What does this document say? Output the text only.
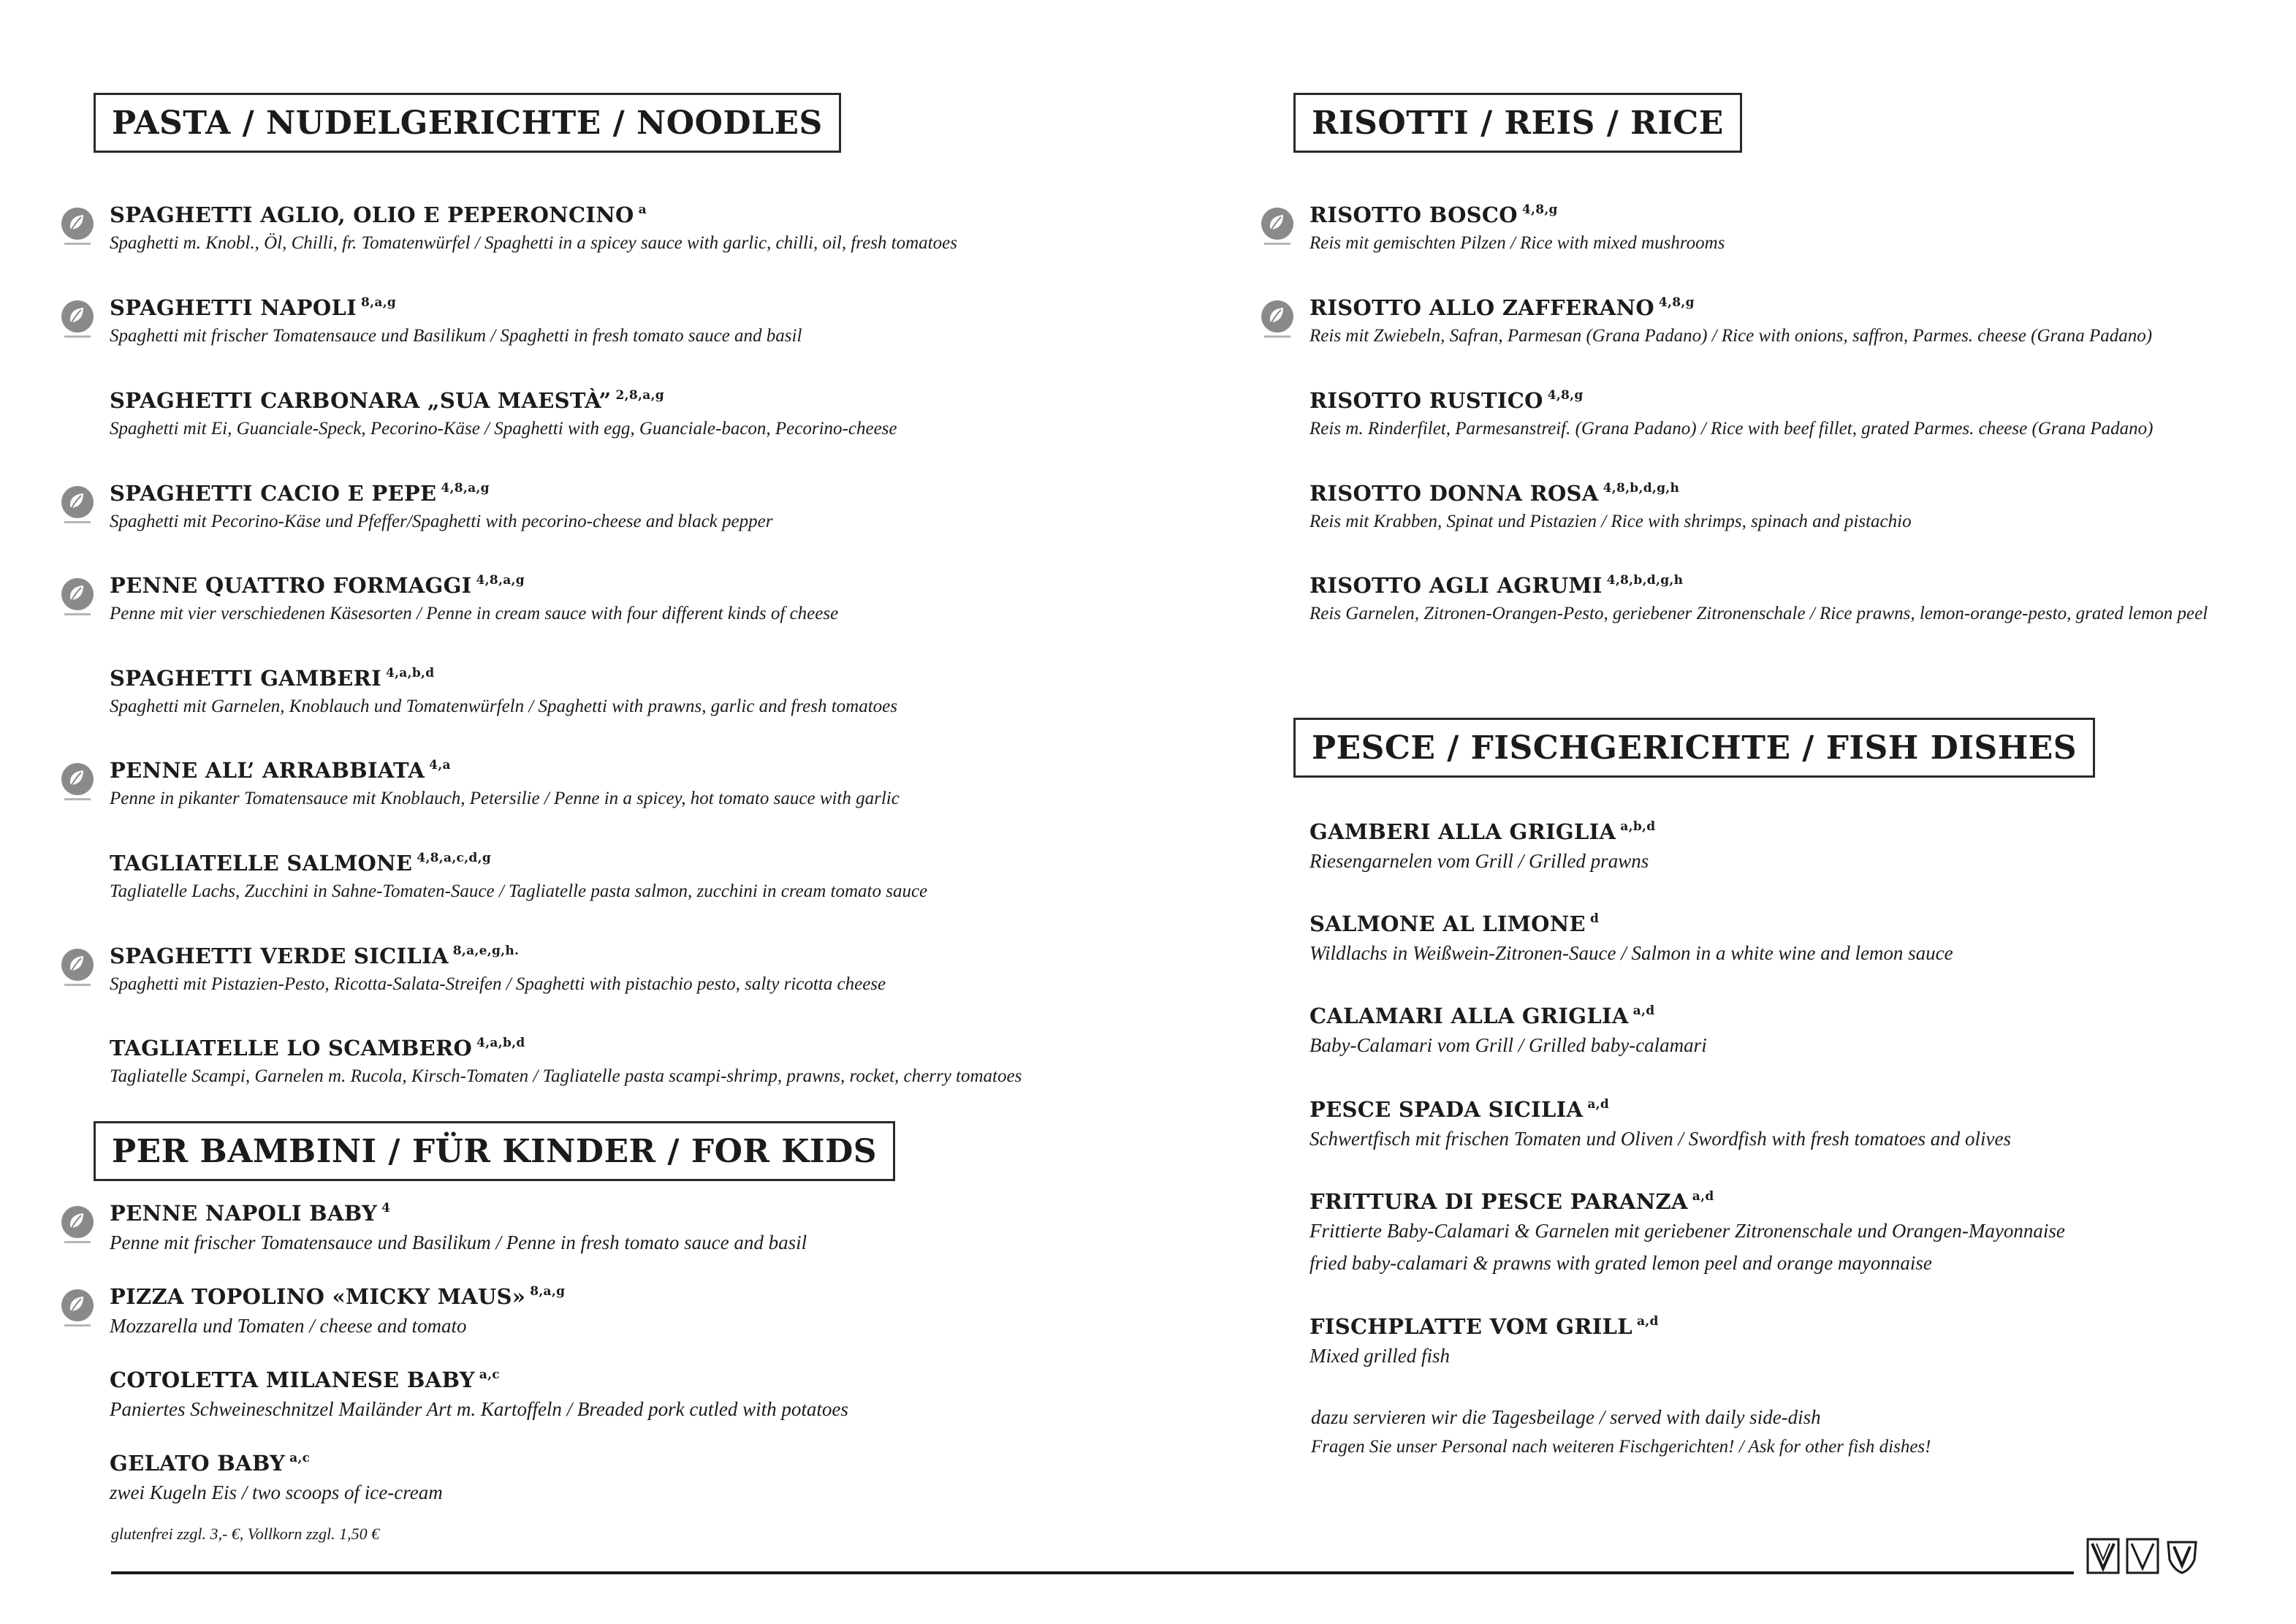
PASTA / NUDELGERICHTE / NOODLES
SPAGHETTI AGLIO, OLIO E PEPERONCINO $^a$
Spaghetti m. Knobl., Öl, Chilli, fr. Tomatenwürfel / Spaghetti in a spicey sauce with garlic, chilli, oil, fresh tomatoes
SPAGHETTI NAPOLI $^{8,a,g}$
Spaghetti mit frischer Tomatensauce und Basilikum / Spaghetti in fresh tomato sauce and basil
SPAGHETTI CARBONARA „SUA MAESTÀ” $^{2,8,a,g}$
Spaghetti mit Ei, Guanciale-Speck, Pecorino-Käse / Spaghetti with egg, Guanciale-bacon, Pecorino-cheese
SPAGHETTI CACIO E PEPE $^{4,8,a,g}$
Spaghetti mit Pecorino-Käse und Pfeffer/Spaghetti with pecorino-cheese and black pepper
PENNE QUATTRO FORMAGGI $^{4,8,a,g}$
Penne mit vier verschiedenen Käsesorten / Penne in cream sauce with four different kinds of cheese
SPAGHETTI GAMBERI $^{4,a,b,d}$
Spaghetti mit Garnelen, Knoblauch und Tomatenwürfeln / Spaghetti with prawns, garlic and fresh tomatoes
PENNE ALL’ ARRABBIATA $^{4,a}$
Penne in pikanter Tomatensauce mit Knoblauch, Petersilie / Penne in a spicey, hot tomato sauce with garlic
TAGLIATELLE SALMONE $^{4,8,a,c,d,g}$
Tagliatelle Lachs, Zucchini in Sahne-Tomaten-Sauce / Tagliatelle pasta salmon, zucchini in cream tomato sauce
SPAGHETTI VERDE SICILIA $^{8,a,e,g,h.}$
Spaghetti mit Pistazien-Pesto, Ricotta-Salata-Streifen / Spaghetti with pistachio pesto, salty ricotta cheese
TAGLIATELLE LO SCAMBERO $^{4,a,b,d}$
Tagliatelle Scampi, Garnelen m. Rucola, Kirsch-Tomaten / Tagliatelle pasta scampi-shrimp, prawns, rocket, cherry tomatoes
PER BAMBINI / FÜR KINDER / FOR KIDS
PENNE NAPOLI BABY $^4$
Penne mit frischer Tomatensauce und Basilikum / Penne in fresh tomato sauce and basil
PIZZA TOPOLINO «MICKY MAUS» $^{8,a,g}$
Mozzarella und Tomaten / cheese and tomato
COTOLETTA MILANESE BABY $^{a,c}$
Paniertes Schweineschnitzel Mailänder Art m. Kartoffeln / Breaded pork cutled with potatoes
GELATO BABY $^{a,c}$
zwei Kugeln Eis / two scoops of ice-cream
glutenfrei zzgl. 3,- €, Vollkorn zzgl. 1,50 €
RISOTTI / REIS / RICE
RISOTTO BOSCO $^{4,8,g}$
Reis mit gemischten Pilzen / Rice with mixed mushrooms
RISOTTO ALLO ZAFFERANO $^{4,8,g}$
Reis mit Zwiebeln, Safran, Parmesan (Grana Padano) / Rice with onions, saffron, Parmes. cheese (Grana Padano)
RISOTTO RUSTICO $^{4,8,g}$
Reis m. Rinderfilet, Parmesanstreif. (Grana Padano) / Rice with beef fillet, grated Parmes. cheese (Grana Padano)
RISOTTO DONNA ROSA $^{4,8,b,d,g,h}$
Reis mit Krabben, Spinat und Pistazien / Rice with shrimps, spinach and pistachio
RISOTTO AGLI AGRUMI $^{4,8,b,d,g,h}$
Reis Garnelen, Zitronen-Orangen-Pesto, geriebener Zitronenschale / Rice prawns, lemon-orange-pesto, grated lemon peel
PESCE / FISCHGERICHTE / FISH DISHES
GAMBERI ALLA GRIGLIA $^{a,b,d}$
Riesengarnelen vom Grill / Grilled prawns
SALMONE AL LIMONE $^d$
Wildlachs in Weißwein-Zitronen-Sauce / Salmon in a white wine and lemon sauce
CALAMARI ALLA GRIGLIA $^{a,d}$
Baby-Calamari vom Grill / Grilled baby-calamari
PESCE SPADA SICILIA $^{a,d}$
Schwertfisch mit frischen Tomaten und Oliven / Swordfish with fresh tomatoes and olives
FRITTURA DI PESCE PARANZA $^{a,d}$
Frittierte Baby-Calamari & Garnelen mit geriebener Zitronenschale und Orangen-Mayonnaise
fried baby-calamari & prawns with grated lemon peel and orange mayonnaise
FISCHPLATTE VOM GRILL $^{a,d}$
Mixed grilled fish
dazu servieren wir die Tagesbeilage / served with daily side-dish
Fragen Sie unser Personal nach weiteren Fischgerichten! / Ask for other fish dishes!
